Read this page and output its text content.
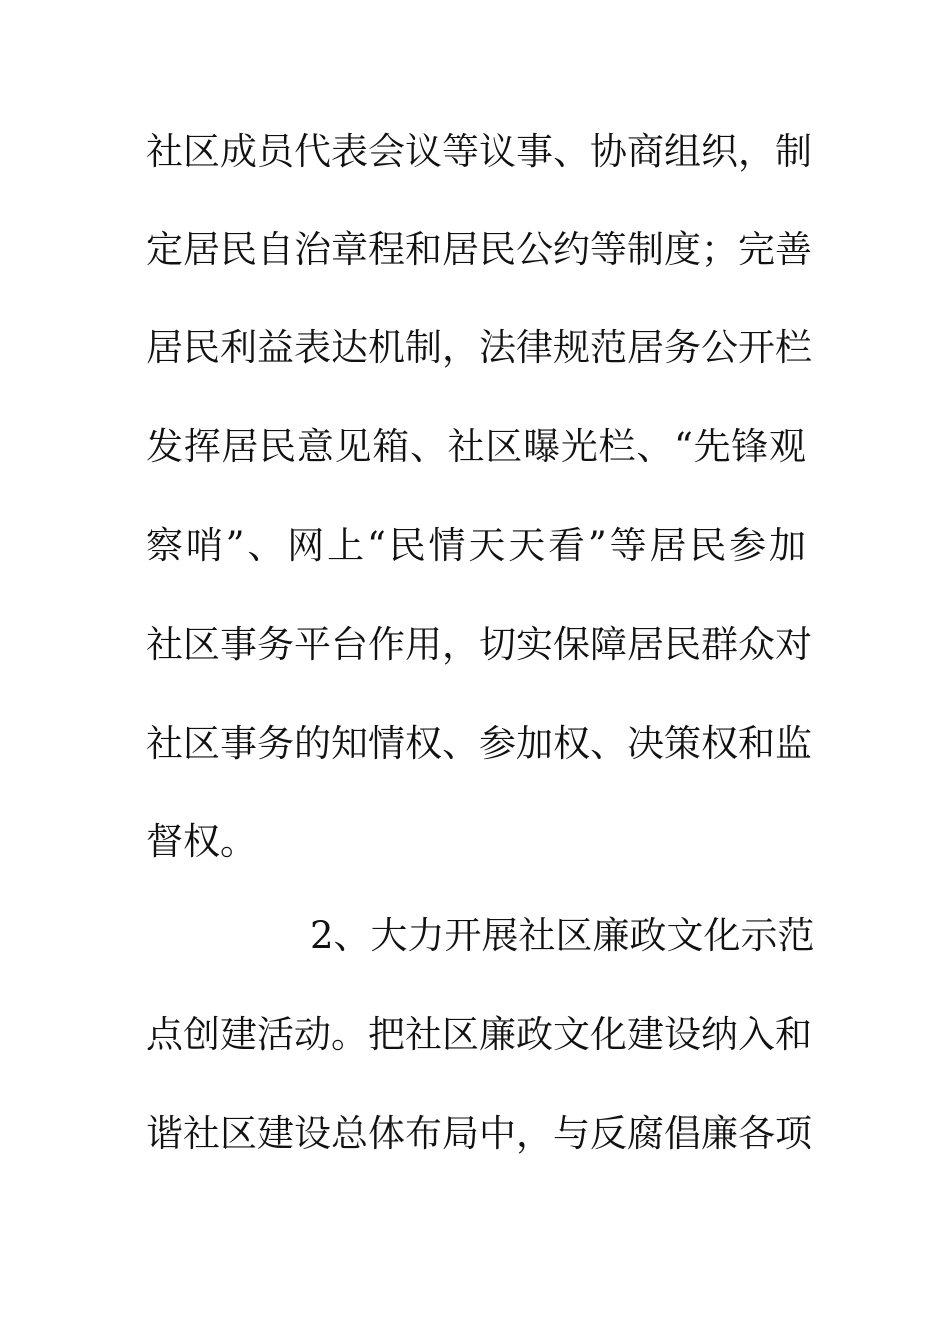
社区成员代表会议等议事、协商组织，制
定居民自治章程和居民公约等制度；完善
居民利益表达机制，法律规范居务公开栏
发挥居民意见箱、社区曝光栏、“先锋观
察哨”、网上“民情天天看”等居民参加
社区事务平台作用，切实保障居民群众对
社区事务的知情权、参加权、决策权和监
督权。
2、大力开展社区廉政文化示范
点创建活动。把社区廉政文化建设纳入和
谐社区建设总体布局中，与反腐倡廉各项
